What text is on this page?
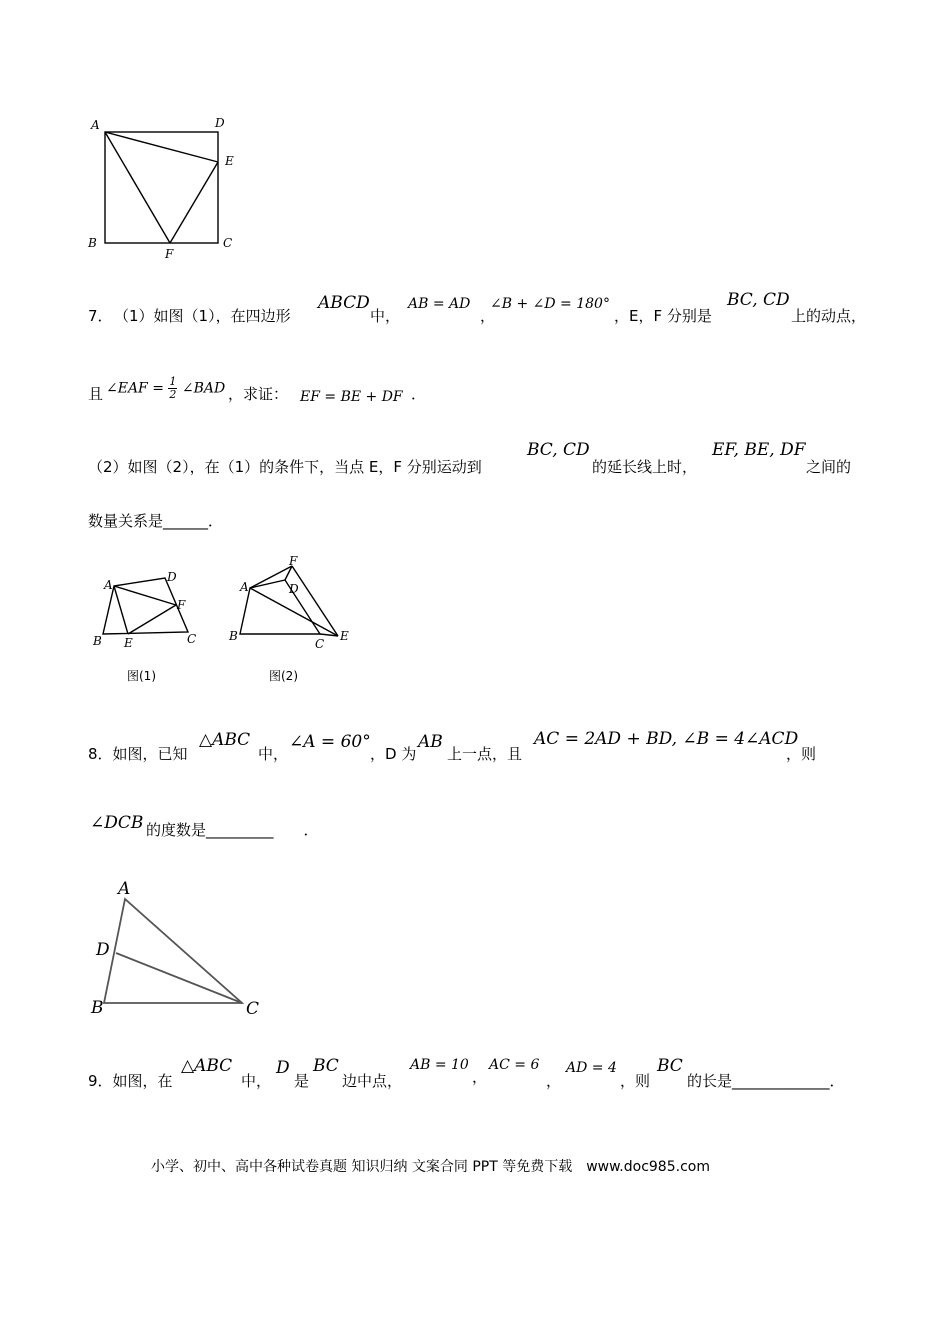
A	D
E
B	C
F
7． （1）如图（1），在四边形
ABCD
中，
AB = AD
，
∠B + ∠D = 180°
，E，F 分别是
BC, CD
上的动点，
且 ∠EAF = $\frac{1}{2}$ ∠BAD ，求证： EF = BE + DF ．
（2）如图（2），在（1）的条件下，当点 E，F 分别运动到
BC, CD
的延长线上时，
EF, BE, DF
之间的
数量关系是______．
A
D
F
B E	C
图(1)
A
F
D
B
C
E
图(2)
8．如图，已知
△ABC
中，
∠A = 60°
，D 为
AB
上一点，且
AC = 2AD + BD, ∠B = 4∠ACD
，则
∠DCB 的度数是_________　　．
A
D
B	C
9．如图，在
△ABC
中，
D
是
BC
边中点，
AB = 10
，
AC = 6
，
AD = 4
，则
BC
的长是_____________．
小学、初中、高中各种试卷真题 知识归纳 文案合同 PPT 等免费下载　www.doc985.com
